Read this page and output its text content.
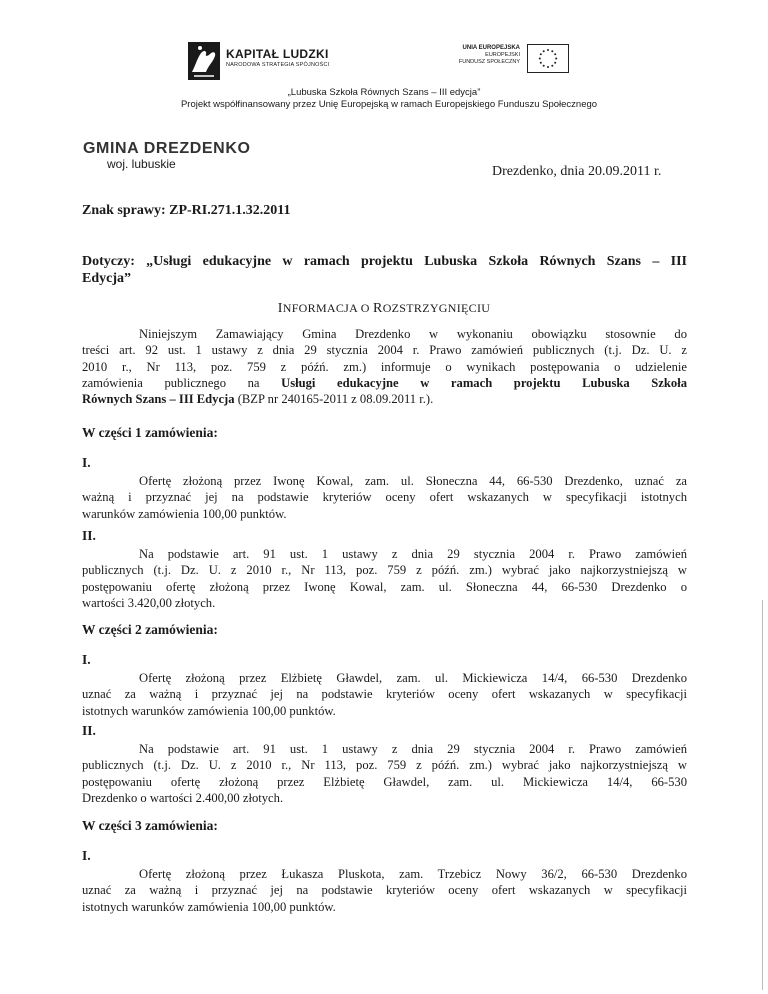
KAPITAŁ LUDZKI
NARODOWA STRATEGIA SPÓJNOŚCI
UNIA EUROPEJSKA
EUROPEJSKI
FUNDUSZ SPOŁECZNY
„Lubuska Szkoła Równych Szans – III edycja”
Projekt współfinansowany przez Unię Europejską w ramach Europejskiego Funduszu Społecznego
GMINA DREZDENKO
woj. lubuskie	Drezdenko, dnia 20.09.2011 r.
Znak sprawy: ZP-RI.271.1.32.2011
Dotyczy: „Usługi edukacyjne w ramach projektu Lubuska Szkoła Równych Szans – III
Edycja”
INFORMACJA O ROZSTRZYGNIĘCIU
Niniejszym Zamawiający Gmina Drezdenko w wykonaniu obowiązku stosownie do
treści art. 92 ust. 1 ustawy z dnia 29 stycznia 2004 r. Prawo zamówień publicznych (t.j. Dz. U. z
2010 r., Nr 113, poz. 759 z późń. zm.) informuje o wynikach postępowania o udzielenie
zamówienia publicznego na Usługi edukacyjne w ramach projektu Lubuska Szkoła
Równych Szans – III Edycja (BZP nr 240165-2011 z 08.09.2011 r.).
W części 1 zamówienia:
I.
Ofertę złożoną przez Iwonę Kowal, zam. ul. Słoneczna 44, 66-530 Drezdenko, uznać za
ważną i przyznać jej na podstawie kryteriów oceny ofert wskazanych w specyfikacji istotnych
warunków zamówienia 100,00 punktów.
II.
Na podstawie art. 91 ust. 1 ustawy z dnia 29 stycznia 2004 r. Prawo zamówień
publicznych (t.j. Dz. U. z 2010 r., Nr 113, poz. 759 z późń. zm.) wybrać jako najkorzystniejszą w
postępowaniu ofertę złożoną przez Iwonę Kowal, zam. ul. Słoneczna 44, 66-530 Drezdenko o
wartości 3.420,00 złotych.
W części 2 zamówienia:
I.
Ofertę złożoną przez Elżbietę Gławdel, zam. ul. Mickiewicza 14/4, 66-530 Drezdenko
uznać za ważną i przyznać jej na podstawie kryteriów oceny ofert wskazanych w specyfikacji
istotnych warunków zamówienia 100,00 punktów.
II.
Na podstawie art. 91 ust. 1 ustawy z dnia 29 stycznia 2004 r. Prawo zamówień
publicznych (t.j. Dz. U. z 2010 r., Nr 113, poz. 759 z późń. zm.) wybrać jako najkorzystniejszą w
postępowaniu ofertę złożoną przez Elżbietę Gławdel, zam. ul. Mickiewicza 14/4, 66-530
Drezdenko o wartości 2.400,00 złotych.
W części 3 zamówienia:
I.
Ofertę złożoną przez Łukasza Pluskota, zam. Trzebicz Nowy 36/2, 66-530 Drezdenko
uznać za ważną i przyznać jej na podstawie kryteriów oceny ofert wskazanych w specyfikacji
istotnych warunków zamówienia 100,00 punktów.
